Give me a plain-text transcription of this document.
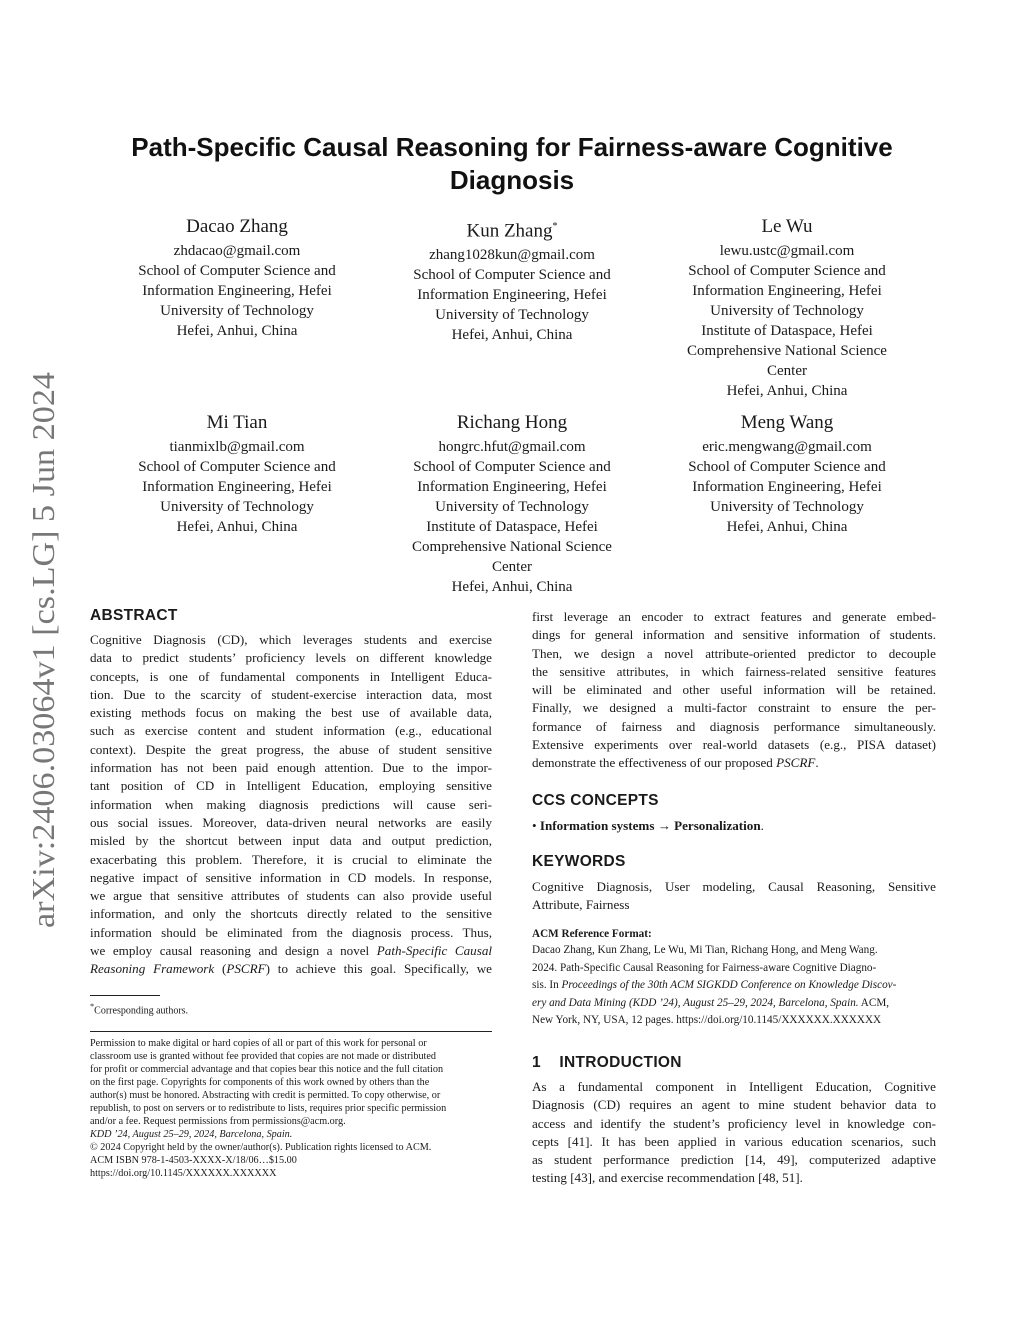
arXiv:2406.03064v1 [cs.LG] 5 Jun 2024
Path-Specific Causal Reasoning for Fairness-aware Cognitive
Diagnosis
Dacao Zhang
zhdacao@gmail.com
School of Computer Science and
Information Engineering, Hefei
University of Technology
Hefei, Anhui, China
Kun Zhang*
zhang1028kun@gmail.com
School of Computer Science and
Information Engineering, Hefei
University of Technology
Hefei, Anhui, China
Le Wu
lewu.ustc@gmail.com
School of Computer Science and
Information Engineering, Hefei
University of Technology
Institute of Dataspace, Hefei
Comprehensive National Science
Center
Hefei, Anhui, China
Mi Tian
tianmixlb@gmail.com
School of Computer Science and
Information Engineering, Hefei
University of Technology
Hefei, Anhui, China
Richang Hong
hongrc.hfut@gmail.com
School of Computer Science and
Information Engineering, Hefei
University of Technology
Institute of Dataspace, Hefei
Comprehensive National Science
Center
Hefei, Anhui, China
Meng Wang
eric.mengwang@gmail.com
School of Computer Science and
Information Engineering, Hefei
University of Technology
Hefei, Anhui, China
ABSTRACT
Cognitive Diagnosis (CD), which leverages students and exercise
data to predict students’ proficiency levels on different knowledge
concepts, is one of fundamental components in Intelligent Educa-
tion. Due to the scarcity of student-exercise interaction data, most
existing methods focus on making the best use of available data,
such as exercise content and student information (e.g., educational
context). Despite the great progress, the abuse of student sensitive
information has not been paid enough attention. Due to the impor-
tant position of CD in Intelligent Education, employing sensitive
information when making diagnosis predictions will cause seri-
ous social issues. Moreover, data-driven neural networks are easily
misled by the shortcut between input data and output prediction,
exacerbating this problem. Therefore, it is crucial to eliminate the
negative impact of sensitive information in CD models. In response,
we argue that sensitive attributes of students can also provide useful
information, and only the shortcuts directly related to the sensitive
information should be eliminated from the diagnosis process. Thus,
we employ causal reasoning and design a novel Path-Specific Causal
Reasoning Framework (PSCRF) to achieve this goal. Specifically, we
*Corresponding authors.
Permission to make digital or hard copies of all or part of this work for personal or
classroom use is granted without fee provided that copies are not made or distributed
for profit or commercial advantage and that copies bear this notice and the full citation
on the first page. Copyrights for components of this work owned by others than the
author(s) must be honored. Abstracting with credit is permitted. To copy otherwise, or
republish, to post on servers or to redistribute to lists, requires prior specific permission
and/or a fee. Request permissions from permissions@acm.org.
KDD ’24, August 25–29, 2024, Barcelona, Spain.
© 2024 Copyright held by the owner/author(s). Publication rights licensed to ACM.
ACM ISBN 978-1-4503-XXXX-X/18/06…$15.00
https://doi.org/10.1145/XXXXXX.XXXXXX
first leverage an encoder to extract features and generate embed-
dings for general information and sensitive information of students.
Then, we design a novel attribute-oriented predictor to decouple
the sensitive attributes, in which fairness-related sensitive features
will be eliminated and other useful information will be retained.
Finally, we designed a multi-factor constraint to ensure the per-
formance of fairness and diagnosis performance simultaneously.
Extensive experiments over real-world datasets (e.g., PISA dataset)
demonstrate the effectiveness of our proposed PSCRF.
CCS CONCEPTS
• Information systems → Personalization.
KEYWORDS
Cognitive Diagnosis, User modeling, Causal Reasoning, Sensitive
Attribute, Fairness
ACM Reference Format:
Dacao Zhang, Kun Zhang, Le Wu, Mi Tian, Richang Hong, and Meng Wang.
2024. Path-Specific Causal Reasoning for Fairness-aware Cognitive Diagno-
sis. In Proceedings of the 30th ACM SIGKDD Conference on Knowledge Discov-
ery and Data Mining (KDD ’24), August 25–29, 2024, Barcelona, Spain. ACM,
New York, NY, USA, 12 pages. https://doi.org/10.1145/XXXXXX.XXXXXX
1 INTRODUCTION
As a fundamental component in Intelligent Education, Cognitive
Diagnosis (CD) requires an agent to mine student behavior data to
access and identify the student’s proficiency level in knowledge con-
cepts [41]. It has been applied in various education scenarios, such
as student performance prediction [14, 49], computerized adaptive
testing [43], and exercise recommendation [48, 51].
